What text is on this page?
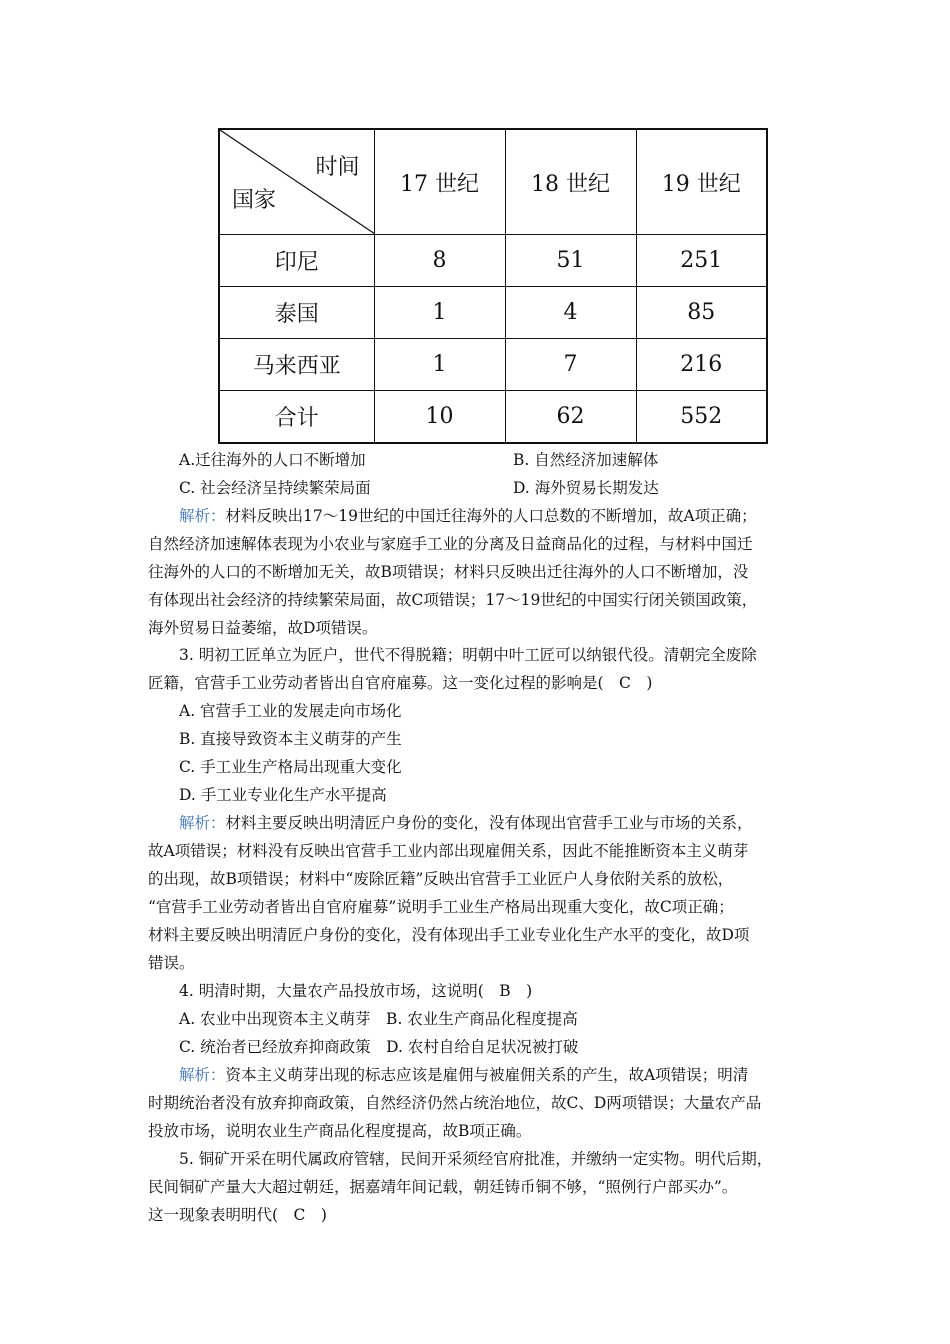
时间
国家	17 世纪	18 世纪	19 世纪
印尼	8	51	251
泰国	1	4	85
马来西亚	1	7	216
合计	10	62	552
A.迁往海外的人口不断增加	B. 自然经济加速解体
C. 社会经济呈持续繁荣局面	D. 海外贸易长期发达

解析：材料反映出17～19世纪的中国迁往海外的人口总数的不断增加，故A项正确；

自然经济加速解体表现为小农业与家庭手工业的分离及日益商品化的过程，与材料中国迁

往海外的人口的不断增加无关，故B项错误；材料只反映出迁往海外的人口不断增加，没

有体现出社会经济的持续繁荣局面，故C项错误；17～19世纪的中国实行闭关锁国政策，

海外贸易日益萎缩，故D项错误。

3. 明初工匠单立为匠户，世代不得脱籍；明朝中叶工匠可以纳银代役。清朝完全废除

匠籍，官营手工业劳动者皆出自官府雇募。这一变化过程的影响是(　C　)

A. 官营手工业的发展走向市场化

B. 直接导致资本主义萌芽的产生

C. 手工业生产格局出现重大变化

D. 手工业专业化生产水平提高

解析：材料主要反映出明清匠户身份的变化，没有体现出官营手工业与市场的关系，

故A项错误；材料没有反映出官营手工业内部出现雇佣关系，因此不能推断资本主义萌芽

的出现，故B项错误；材料中“废除匠籍”反映出官营手工业匠户人身依附关系的放松，

“官营手工业劳动者皆出自官府雇募”说明手工业生产格局出现重大变化，故C项正确；

材料主要反映出明清匠户身份的变化，没有体现出手工业专业化生产水平的变化，故D项

错误。

4. 明清时期，大量农产品投放市场，这说明(　B　)

A. 农业中出现资本主义萌芽　B. 农业生产商品化程度提高

C. 统治者已经放弃抑商政策　D. 农村自给自足状况被打破

解析：资本主义萌芽出现的标志应该是雇佣与被雇佣关系的产生，故A项错误；明清

时期统治者没有放弃抑商政策，自然经济仍然占统治地位，故C、D两项错误；大量农产品

投放市场，说明农业生产商品化程度提高，故B项正确。

5. 铜矿开采在明代属政府管辖，民间开采须经官府批准，并缴纳一定实物。明代后期，

民间铜矿产量大大超过朝廷，据嘉靖年间记载，朝廷铸币铜不够，“照例行户部买办”。

这一现象表明明代(　C　)
